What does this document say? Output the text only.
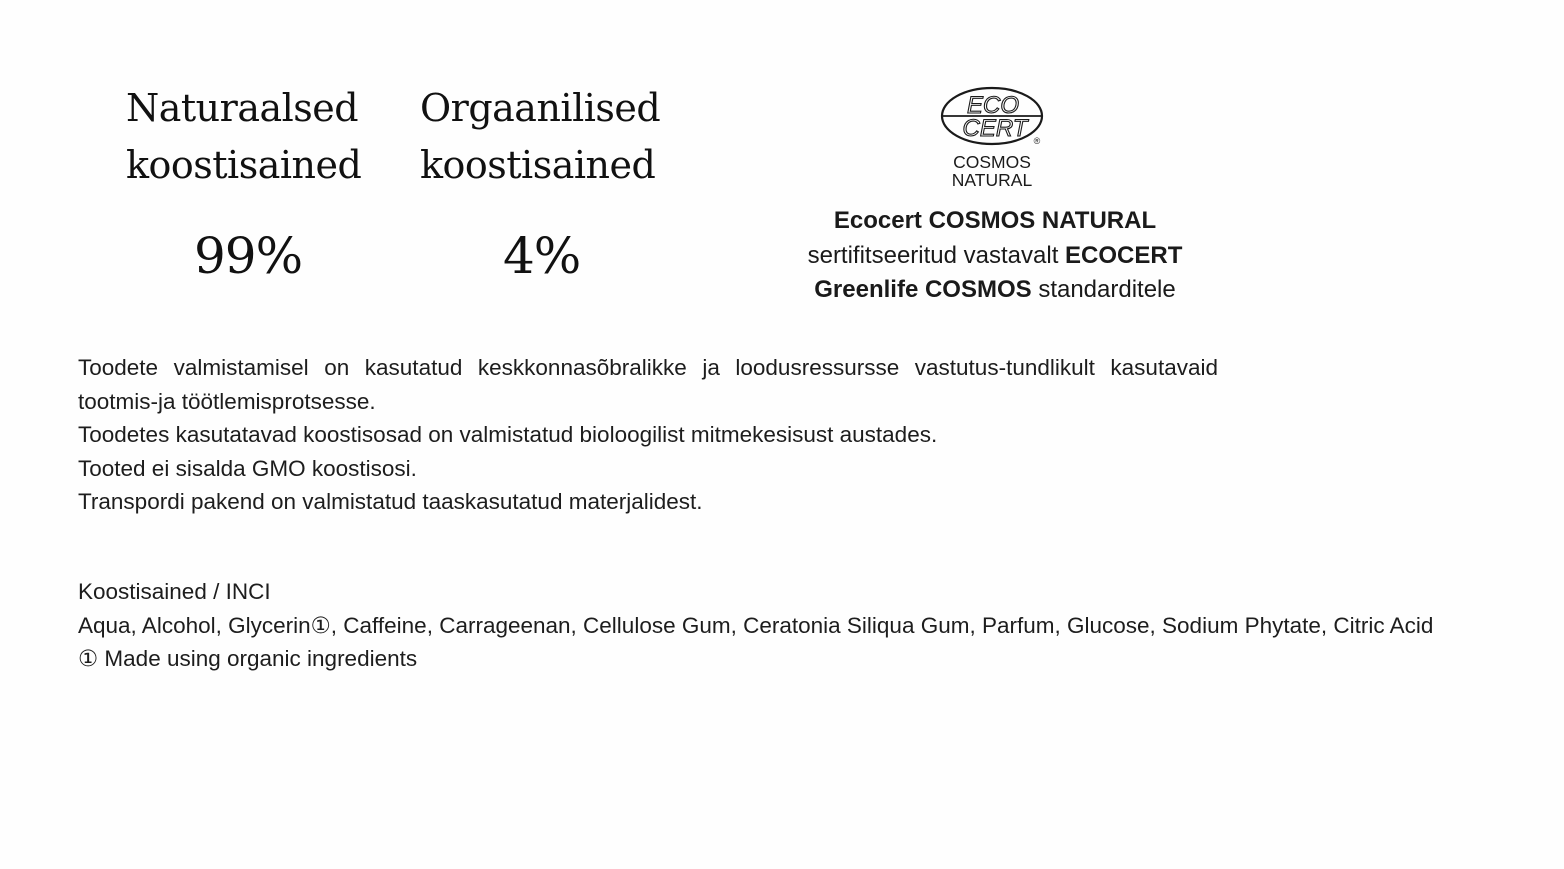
Naturaalsed
koostisained
99%
Orgaanilised
koostisained
4%
ECO
CERT ®
COSMOS
NATURAL
Ecocert COSMOS NATURAL
sertifitseeritud vastavalt ECOCERT
Greenlife COSMOS standarditele
Toodete valmistamisel on kasutatud keskkonnasõbralikke ja loodusressursse vastutus-tundlikult kasutavaid tootmis-ja töötlemisprotsesse.
Toodetes kasutatavad koostisosad on valmistatud bioloogilist mitmekesisust austades.
Tooted ei sisalda GMO koostisosi.
Transpordi pakend on valmistatud taaskasutatud materjalidest.
Koostisained / INCI
Aqua, Alcohol, Glycerin①, Caffeine, Carrageenan, Cellulose Gum, Ceratonia Siliqua Gum, Parfum, Glucose, Sodium Phytate, Citric Acid
① Made using organic ingredients
